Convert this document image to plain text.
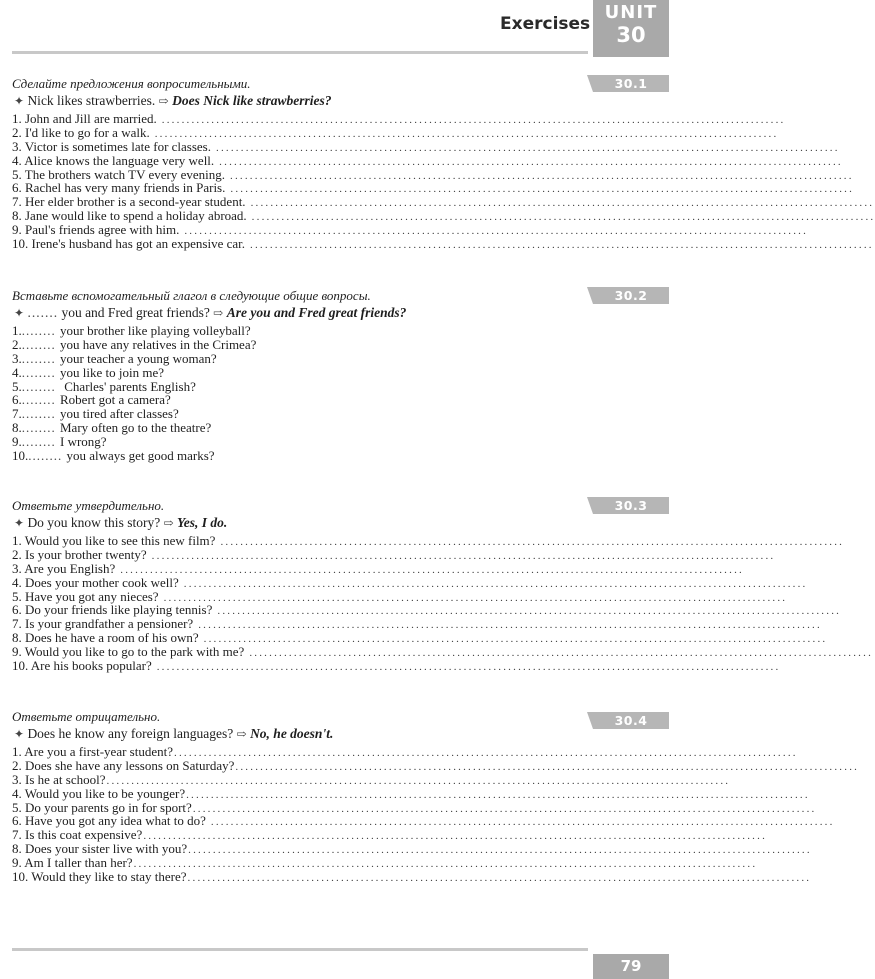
Exercises
UNIT
30

Сделайте предложения вопросительными.

✦ Nick likes strawberries. ⇨ Does Nick like strawberries?
1. John and Jill are married. ..............................................................................................................................
2. I'd like to go for a walk. ..............................................................................................................................
3. Victor is sometimes late for classes. ..............................................................................................................................
4. Alice knows the language very well. ..............................................................................................................................
5. The brothers watch TV every evening. ..............................................................................................................................
6. Rachel has very many friends in Paris. ..............................................................................................................................
7. Her elder brother is a second-year student. ..............................................................................................................................
8. Jane would like to spend a holiday abroad. ..............................................................................................................................
9. Paul's friends agree with him. ..............................................................................................................................
10. Irene's husband has got an expensive car. ..............................................................................................................................
30.1

Вставьте вспомогательный глагол в следующие общие вопросы.

✦ ....... you and Fred great friends? ⇨ Are you and Fred great friends?
1. ........ your brother like playing volleyball?
2. ........ you have any relatives in the Crimea?
3. ........ your teacher a young woman?
4. ........ you like to join me?
5. ........ Charles' parents English?
6. ........ Robert got a camera?
7. ........ you tired after classes?
8. ........ Mary often go to the theatre?
9. ........ I wrong?
10. ........ you always get good marks?
30.2

Ответьте утвердительно.

✦ Do you know this story? ⇨ Yes, I do.
1. Would you like to see this new film? ..............................................................................................................................
2. Is your brother twenty? ..............................................................................................................................
3. Are you English? ..............................................................................................................................
4. Does your mother cook well? ..............................................................................................................................
5. Have you got any nieces? ..............................................................................................................................
6. Do your friends like playing tennis? ..............................................................................................................................
7. Is your grandfather a pensioner? ..............................................................................................................................
8. Does he have a room of his own? ..............................................................................................................................
9. Would you like to go to the park with me? ..............................................................................................................................
10. Are his books popular? ..............................................................................................................................
30.3

Ответьте отрицательно.

✦ Does he know any foreign languages? ⇨ No, he doesn't.
1. Are you a first-year student? ..............................................................................................................................
2. Does she have any lessons on Saturday? ..............................................................................................................................
3. Is he at school? ..............................................................................................................................
4. Would you like to be younger? ..............................................................................................................................
5. Do your parents go in for sport? ..............................................................................................................................
6. Have you got any idea what to do? ..............................................................................................................................
7. Is this coat expensive? ..............................................................................................................................
8. Does your sister live with you? ..............................................................................................................................
9. Am I taller than her? ..............................................................................................................................
10. Would they like to stay there? ..............................................................................................................................
30.4
79
